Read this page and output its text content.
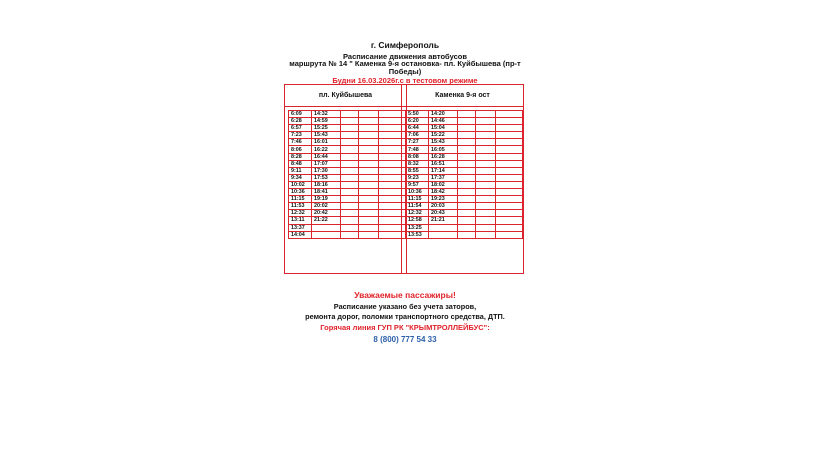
г. Симферополь
Расписание движения автобусов
маршрута № 14 " Каменка 9-я остановка- пл. Куйбышева (пр-т
Победы)
Будни 16.03.2026г.с в тестовом режиме
пл. Куйбышева
6:09	14:32			
6:28	14:59			
6:57	15:25			
7:23	15:43			
7:46	16:01			
8:06	16:22			
8:28	16:44			
8:48	17:07			
9:11	17:30			
9:34	17:53			
10:02	18:16			
10:36	18:41			
11:15	19:19			
11:53	20:02			
12:32	20:42			
13:11	21:22			
13:37				
14:04				
Каменка 9-я ост
5:50	14:20			
6:20	14:46			
6:44	15:04			
7:06	15:22			
7:27	15:43			
7:48	16:05			
8:08	16:28			
8:32	16:51			
8:55	17:14			
9:23	17:37			
9:57	18:02			
10:36	18:42			
11:15	19:23			
11:54	20:03			
12:32	20:43			
12:58	21:21			
13:25				
13:53				
Уважаемые пассажиры!
Расписание указано без учета заторов,
ремонта дорог, поломки транспортного средства, ДТП.
Горячая линия ГУП РК "КРЫМТРОЛЛЕЙБУС":
8 (800) 777 54 33
